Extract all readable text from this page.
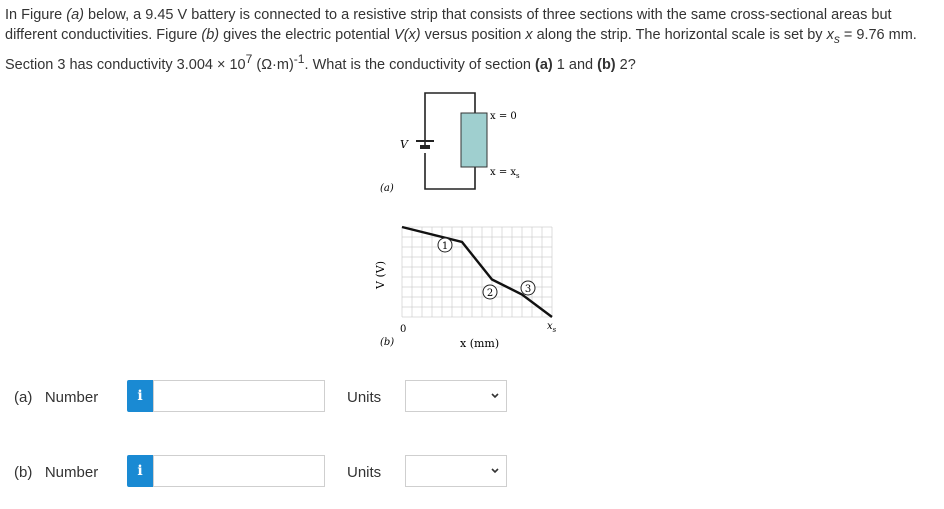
In Figure (a) below, a 9.45 V battery is connected to a resistive strip that consists of three sections with the same cross-sectional areas but different conductivities. Figure (b) gives the electric potential V(x) versus position x along the strip. The horizontal scale is set by $x_s = 9.76$ mm. Section 3 has conductivity $3.004 \times 10^7$ $(\Omega\cdot m)^{-1}$. What is the conductivity of section (a) 1 and (b) 2?
V
x = 0
$x = x_s$
(a)
1
2	3
V (V)
0	$x_s$
x (mm)
(b)
(a)   Number	i	Units
(b)   Number	i	Units
